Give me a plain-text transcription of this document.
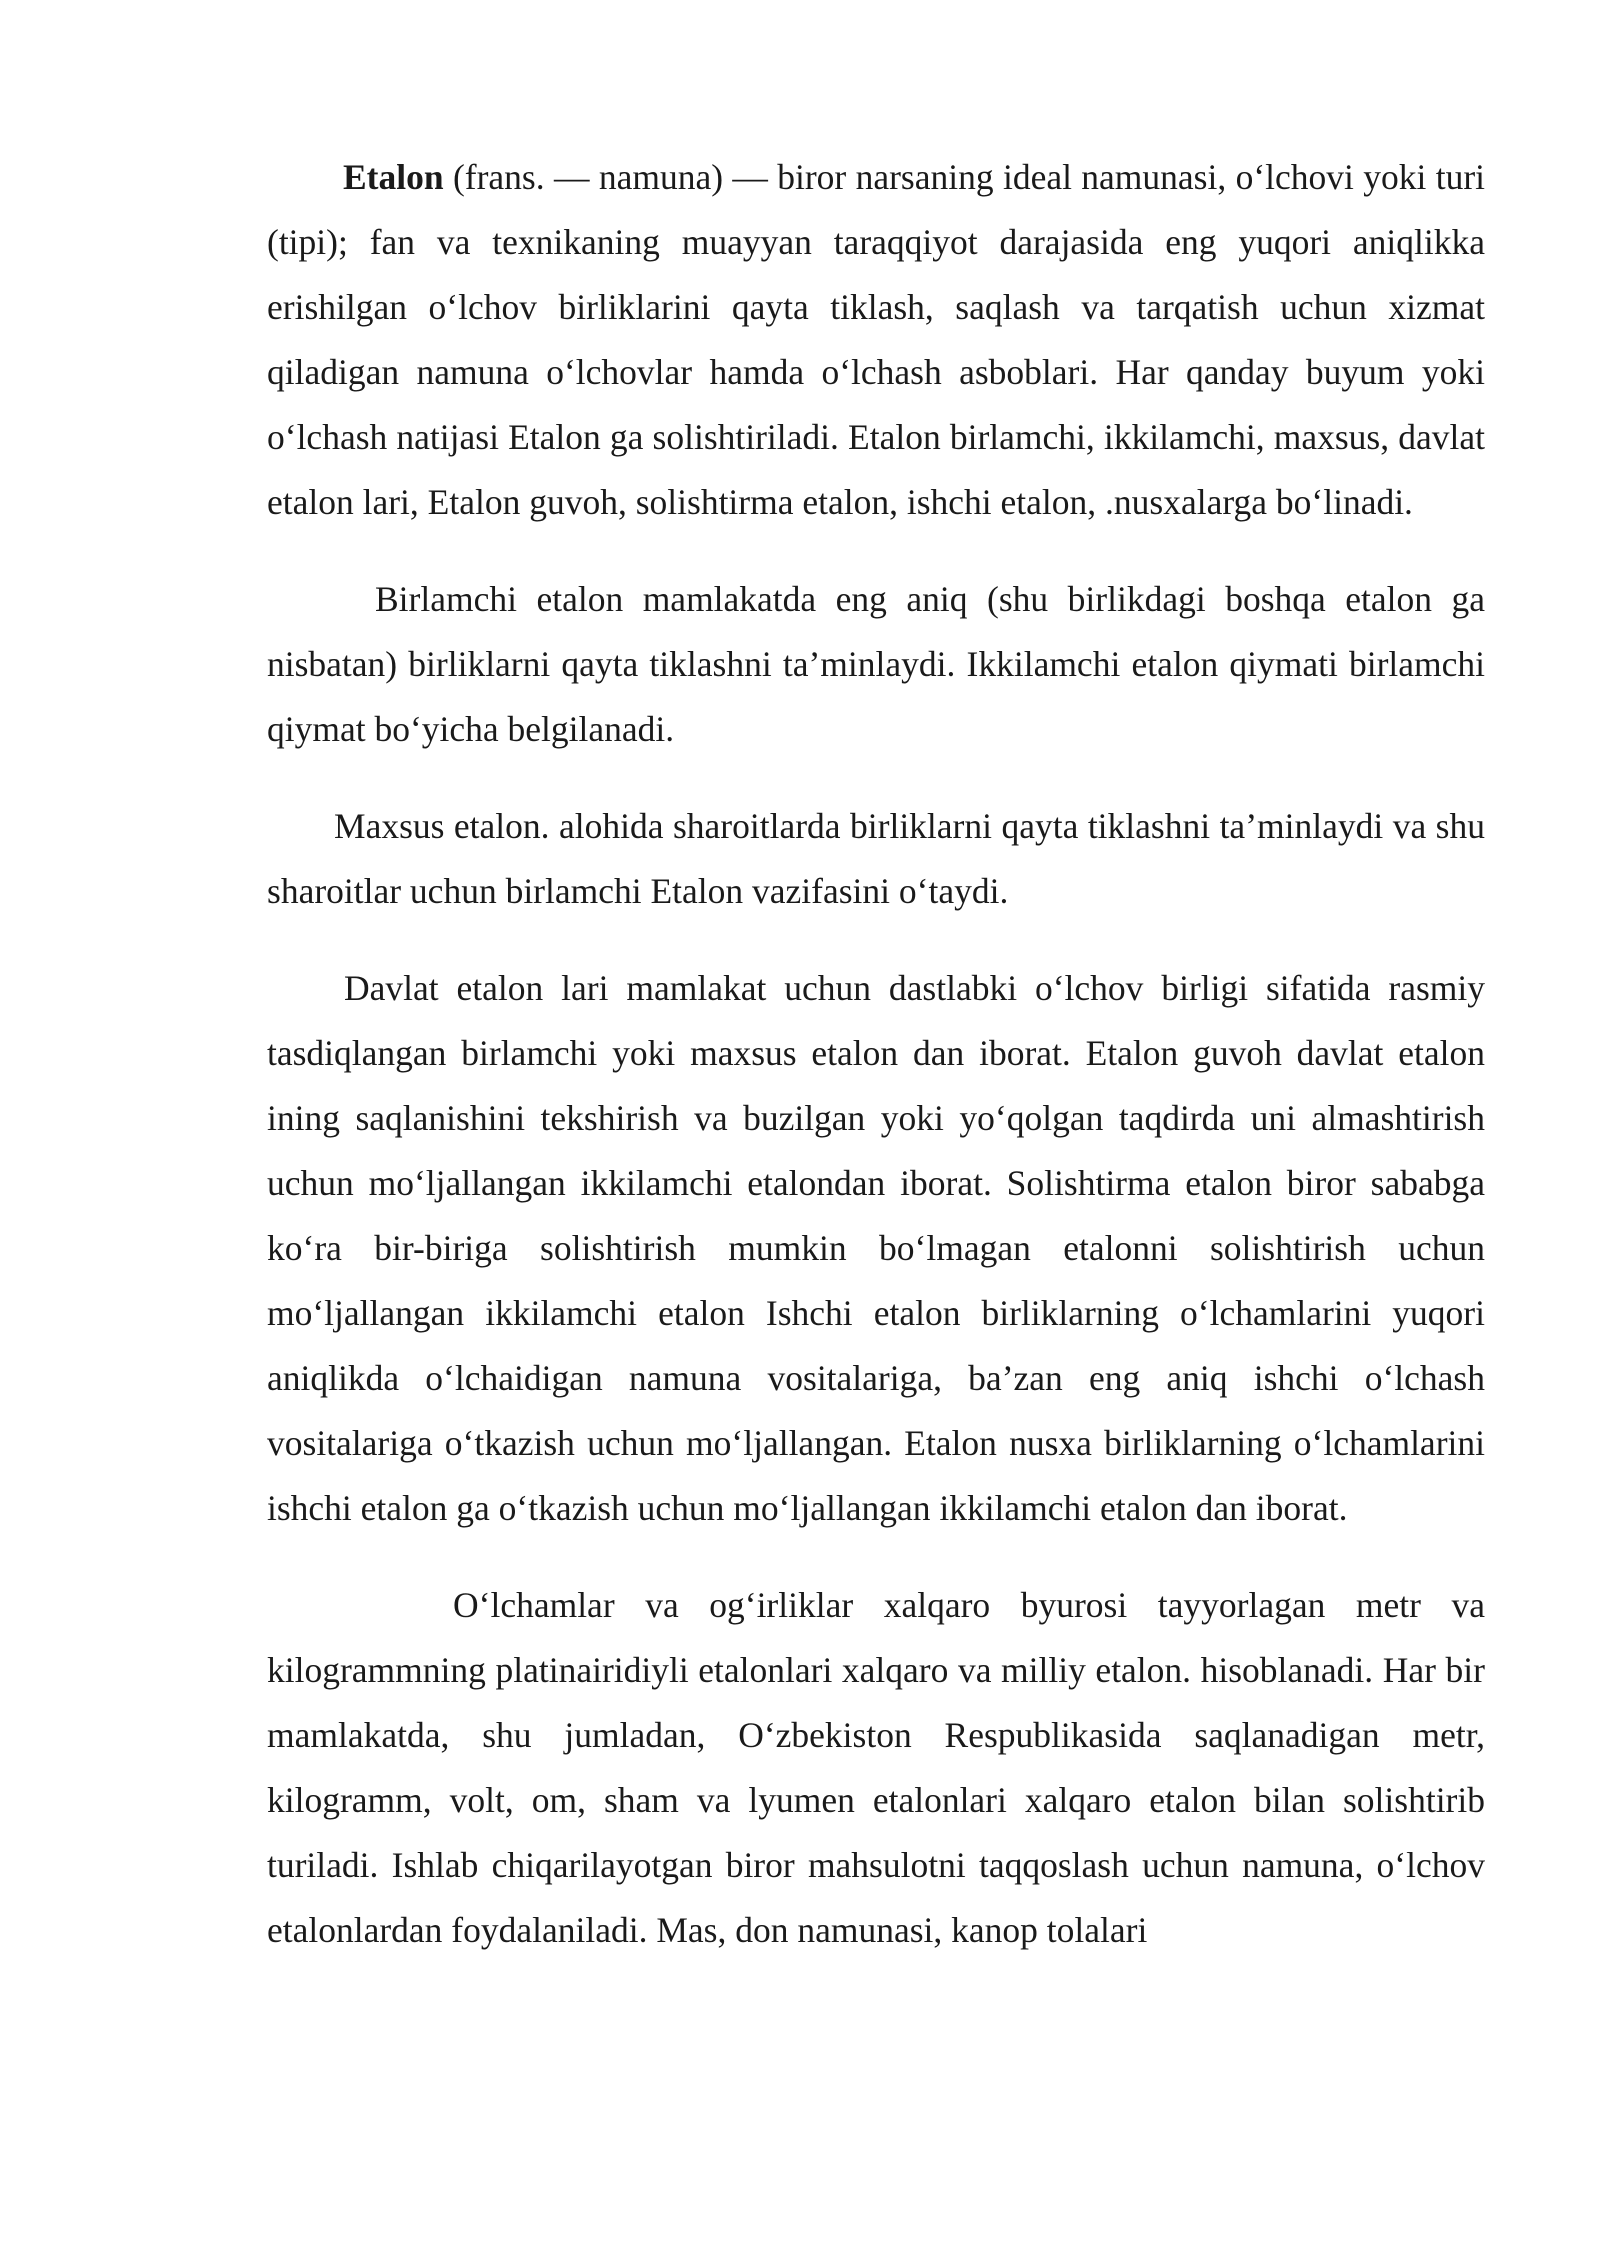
Etalon (frans. — namuna) — biror narsaning ideal namunasi, oʻlchovi yoki turi (tipi); fan va texnikaning muayyan taraqqiyot darajasida eng yuqori aniqlikka erishilgan oʻlchov birliklarini qayta tiklash, saqlash va tarqatish uchun xizmat qiladigan namuna oʻlchovlar hamda oʻlchash asboblari. Har qanday buyum yoki oʻlchash natijasi Etalon ga solishtiriladi. Etalon birlamchi, ikkilamchi, maxsus, davlat etalon lari, Etalon guvoh, solishtirma etalon, ishchi etalon, .nusxalarga boʻlinadi.

Birlamchi etalon mamlakatda eng aniq (shu birlikdagi boshqa etalon ga nisbatan) birliklarni qayta tiklashni ta’minlaydi. Ikkilamchi etalon qiymati birlamchi qiymat boʻyicha belgilanadi.

Maxsus etalon. alohida sharoitlarda birliklarni qayta tiklashni ta’minlaydi va shu sharoitlar uchun birlamchi Etalon vazifasini oʻtaydi.

Davlat etalon lari mamlakat uchun dastlabki oʻlchov birligi sifatida rasmiy tasdiqlangan birlamchi yoki maxsus etalon dan iborat. Etalon guvoh davlat etalon ining saqlanishini tekshirish va buzilgan yoki yoʻqolgan taqdirda uni almashtirish uchun moʻljallangan ikkilamchi etalondan iborat. Solishtirma etalon biror sababga koʻra bir-biriga solishtirish mumkin boʻlmagan etalonni solishtirish uchun moʻljallangan ikkilamchi etalon Ishchi etalon birliklarning oʻlchamlarini yuqori aniqlikda oʻlchaidigan namuna vositalariga, ba’zan eng aniq ishchi oʻlchash vositalariga oʻtkazish uchun moʻljallangan. Etalon nusxa birliklarning oʻlchamlarini ishchi etalon ga oʻtkazish uchun moʻljallangan ikkilamchi etalon dan iborat.

Oʻlchamlar va ogʻirliklar xalqaro byurosi tayyorlagan metr va kilogrammning platinairidiyli etalonlari xalqaro va milliy etalon. hisoblanadi. Har bir mamlakatda, shu jumladan, Oʻzbekiston Respublikasida saqlanadigan metr, kilogramm, volt, om, sham va lyumen etalonlari xalqaro etalon bilan solishtirib turiladi. Ishlab chiqarilayotgan biror mahsulotni taqqoslash uchun namuna, oʻlchov etalonlardan foydalaniladi. Mas, don namunasi, kanop tolalari
